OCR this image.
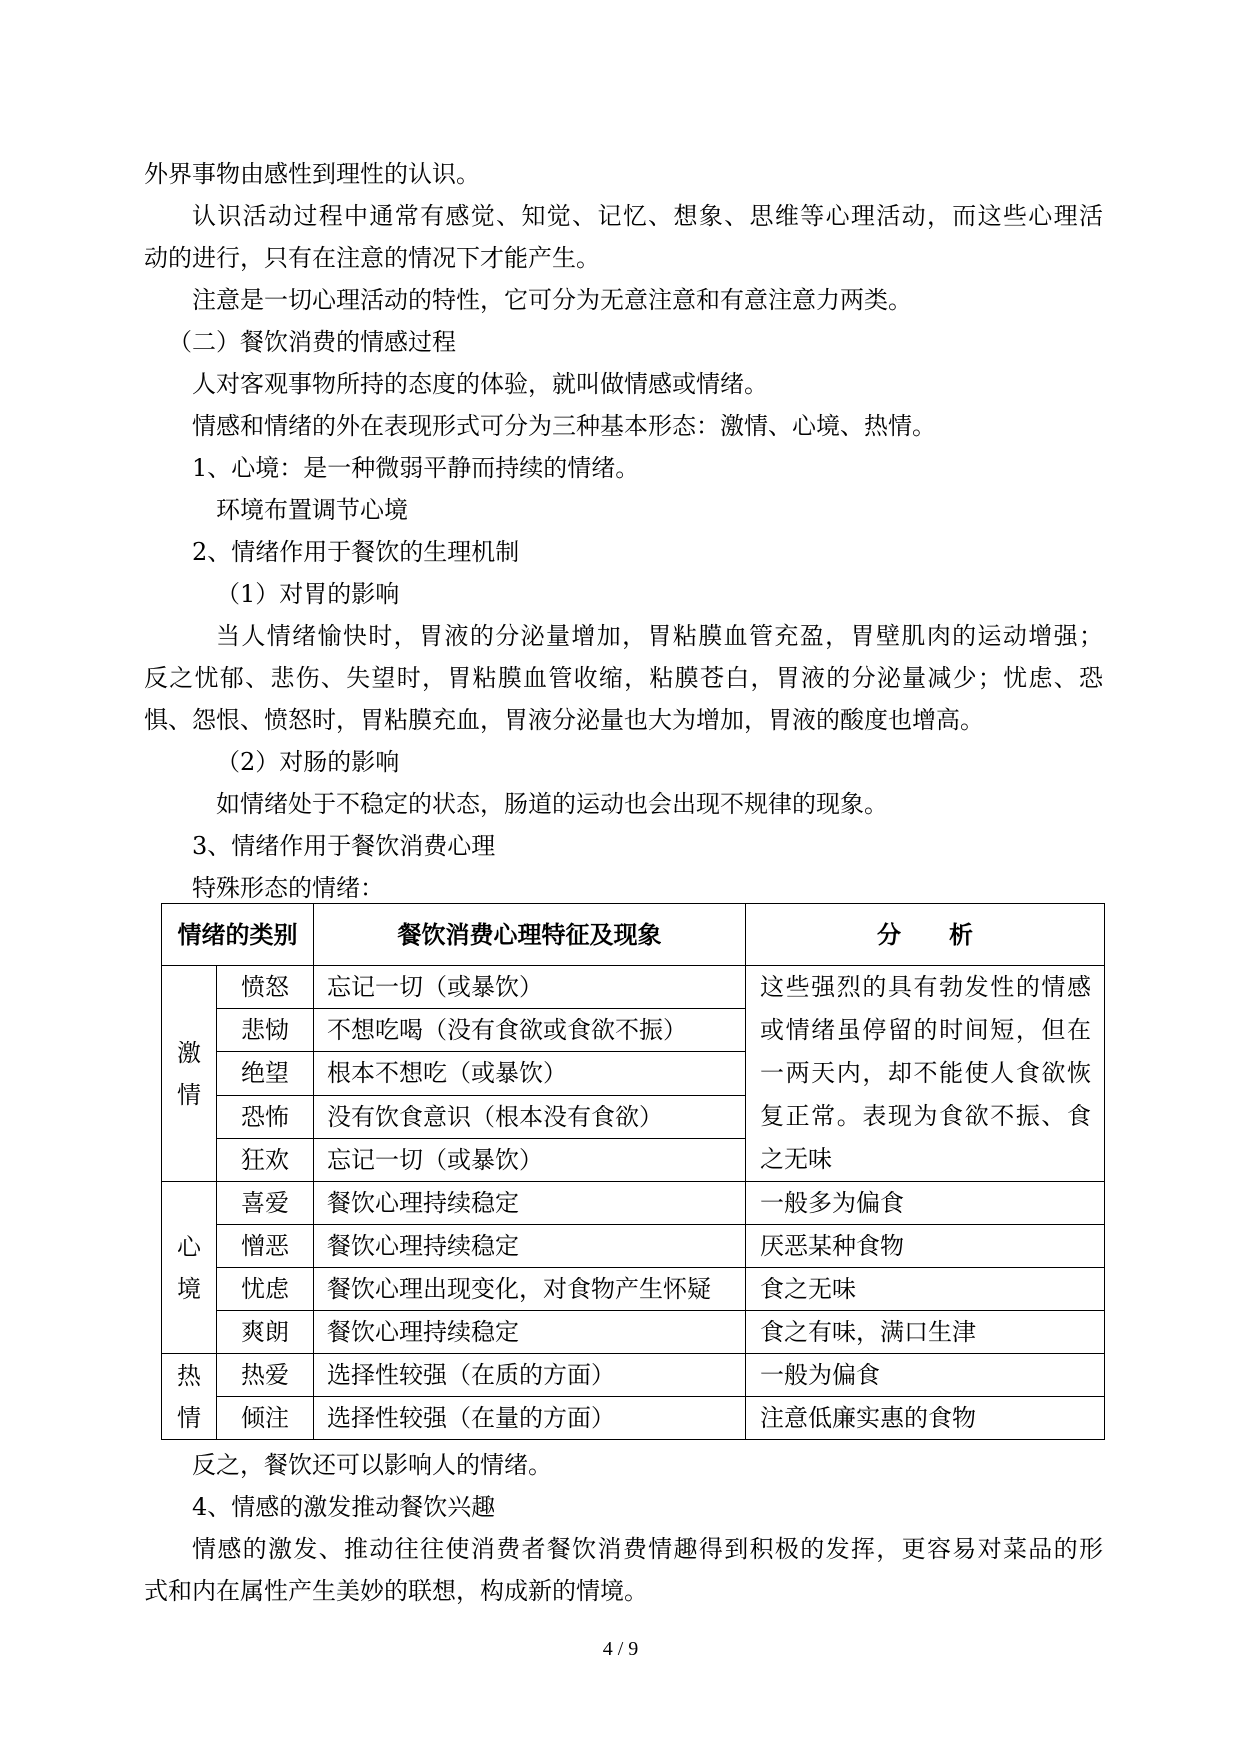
外界事物由感性到理性的认识。
认识活动过程中通常有感觉、知觉、记忆、想象、思维等心理活动，而这些心理活
动的进行，只有在注意的情况下才能产生。
注意是一切心理活动的特性，它可分为无意注意和有意注意力两类。
（二）餐饮消费的情感过程
人对客观事物所持的态度的体验，就叫做情感或情绪。
情感和情绪的外在表现形式可分为三种基本形态：激情、心境、热情。
1、心境：是一种微弱平静而持续的情绪。
环境布置调节心境
2、情绪作用于餐饮的生理机制
（1）对胃的影响
当人情绪愉快时，胃液的分泌量增加，胃粘膜血管充盈，胃壁肌肉的运动增强；
反之忧郁、悲伤、失望时，胃粘膜血管收缩，粘膜苍白，胃液的分泌量减少；忧虑、恐
惧、怨恨、愤怒时，胃粘膜充血，胃液分泌量也大为增加，胃液的酸度也增高。
（2）对肠的影响
如情绪处于不稳定的状态，肠道的运动也会出现不规律的现象。
3、情绪作用于餐饮消费心理
特殊形态的情绪：
情绪的类别		餐饮消费心理特征及现象	分　　析
激情	愤怒	忘记一切（或暴饮）	这些强烈的具有勃发性的情感
或情绪虽停留的时间短，但在
一两天内，却不能使人食欲恢
复正常。表现为食欲不振、食
之无味

	悲恸	不想吃喝（没有食欲或食欲不振）	
	绝望	根本不想吃（或暴饮）	
	恐怖	没有饮食意识（根本没有食欲）	
	狂欢	忘记一切（或暴饮）	
心境	喜爱	餐饮心理持续稳定	一般多为偏食
	憎恶	餐饮心理持续稳定	厌恶某种食物
	忧虑	餐饮心理出现变化，对食物产生怀疑	食之无味
	爽朗	餐饮心理持续稳定	食之有味，满口生津
热情	热爱	选择性较强（在质的方面）	一般为偏食
	倾注	选择性较强（在量的方面）	注意低廉实惠的食物
反之，餐饮还可以影响人的情绪。
4、情感的激发推动餐饮兴趣
情感的激发、推动往往使消费者餐饮消费情趣得到积极的发挥，更容易对菜品的形
式和内在属性产生美妙的联想，构成新的情境。
4 / 9
